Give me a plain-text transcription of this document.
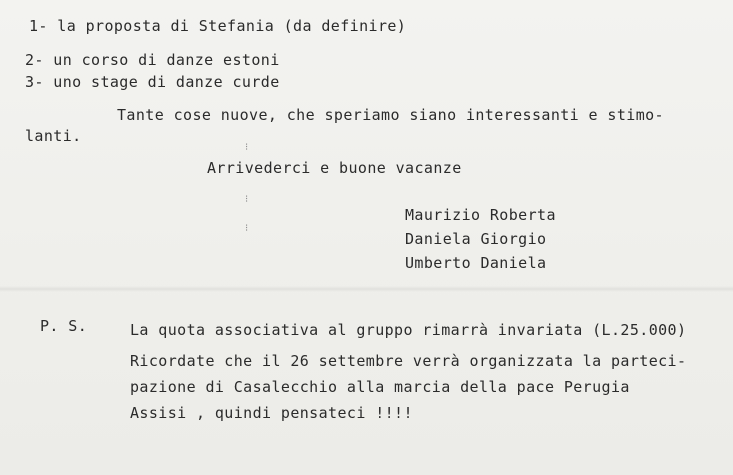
1- la proposta di Stefania (da definire)
2- un corso di danze estoni
3- uno stage di danze curde
Tante cose nuove, che speriamo siano interessanti e stimo-
lanti.
⁝
Arrivederci e buone vacanze
⁝
⁝
Maurizio Roberta
Daniela Giorgio
Umberto Daniela
P. S.	La quota associativa al gruppo rimarrà invariata (L.25.000)
Ricordate che il 26 settembre verrà organizzata la parteci-
pazione di Casalecchio alla marcia della pace Perugia
Assisi , quindi pensateci !!!!
